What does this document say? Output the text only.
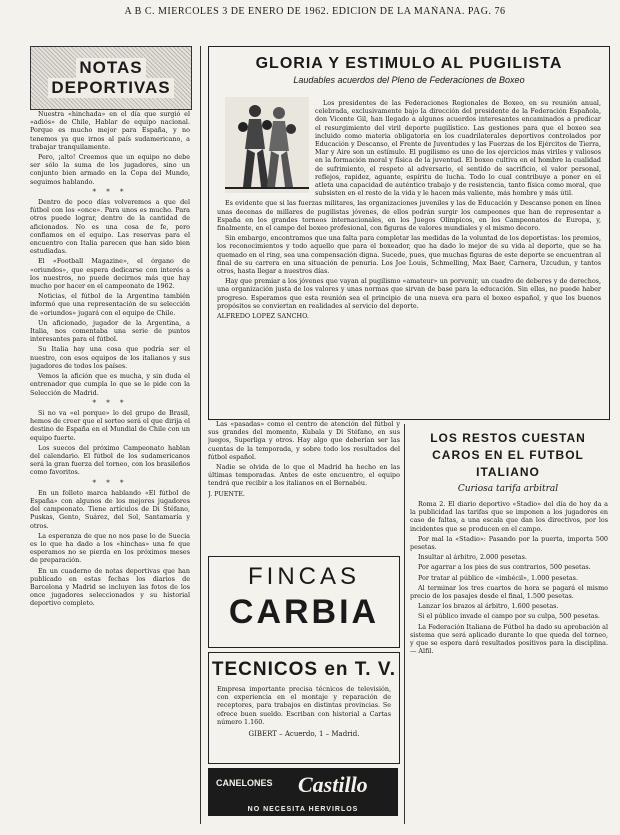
A B C. MIERCOLES 3 DE ENERO DE 1962. EDICION DE LA MAÑANA. PAG. 76
NOTAS
DEPORTIVAS

Nuestra «hinchada» en el día que surgió el «adiós» de Chile, Hablar de equipo nacional. Porque es mucho mejor para España, y no tenemos ya que irnos al país sudamericano, a trabajar tranquilamente.

Pero, ¡alto! Creemos que un equipo no debe ser sólo la suma de los jugadores, sino un conjunto bien armado en la Copa del Mundo, seguimos hablando.

* * *

Dentro de poco días volveremos a que del fútbol con los «once». Para unos es mucho. Para otros puede lograr, dentro de la cantidad de aficionados. No es una cosa de fe, pero confiamos en el equipo. Las reservas para el encuentro con Italia parecen que han sido bien estudiadas.

El «Football Magazine», el órgano de «oriundos», que espera dedicarse con interés a los nuestros, no puede decirnos más que hay mucho por hacer en el campeonato de 1962.

Noticias, el fútbol de la Argentina también informó que una representación de su selección de «oriundos» jugará con el equipo de Chile.

Un aficionado, jugador de la Argentina, a Italia, nos comentaba una serie de puntos interesantes para el fútbol.

Su Italia hay una cosa que podría ser el nuestro, con esos equipos de los italianos y sus jugadores de todos los países.

Vemos la afición que es mucha, y sin duda el entrenador que cumpla lo que se le pide con la Selección de Madrid.

* * *

Si no va «el porque» lo del grupo de Brasil, hemos de creer que el sorteo será el que dirija el destino de España en el Mundial de Chile con un equipo fuerte.

Los suecos del próximo Campeonato hablan del calendario. El fútbol de los sudamericanos será la gran fuerza del torneo, con los brasileños como favoritos.

* * *

En un folleto marca hablando «El fútbol de España» con algunos de los mejores jugadores del campeonato. Tiene artículos de Di Stéfano, Puskas, Gento, Suárez, del Sol, Santamaría y otros.

La esperanza de que no nos pase lo de Suecia es lo que ha dado a los «hinchas» una fe que esperamos no se pierda en los próximos meses de preparación.

En un cuaderno de notas deportivas que han publicado en estas fechas los diarios de Barcelona y Madrid se incluyen las fotos de los once jugadores seleccionados y su historial deportivo completo.

GLORIA Y ESTIMULO AL PUGILISTA
Laudables acuerdos del Pleno de Federaciones de Boxeo

Los presidentes de las Federaciones Regionales de Boxeo, en su reunión anual, celebrada, exclusivamente bajo la dirección del presidente de la Federación Española, don Vicente Gil, han llegado a algunos acuerdos interesantes encaminados a predicar el resurgimiento del viril deporte pugilístico. Las gestiones para que el boxeo sea incluido como materia obligatoria en los cuadrilaterales deportivos controlados por Educación y Descanso, el Frente de Juventudes y las Fuerzas de los Ejércitos de Tierra, Mar y Aire son un estímulo. El pugilismo es uno de los ejercicios más viriles y valiosos en la formación moral y física de la juventud. El boxeo cultiva en el hombre la cualidad de sufrimiento, el respeto al adversario, el sentido de sacrificio, el valor personal, reflejos, rapidez, aguante, espíritu de lucha. Todo lo cual contribuye a poner en el atleta una capacidad de auténtico trabajo y de resistencia, tanto física como moral, que subsisten en el resto de la vida y le hacen más valiente, más hombre y más útil.

Es evidente que si las fuerzas militares, las organizaciones juveniles y las de Educación y Descanso ponen en línea unas decenas de millares de pugilistas jóvenes, de ellos podrán surgir los campeones que han de representar a España en los grandes torneos internacionales, en los Juegos Olímpicos, en los Campeonatos de Europa, y, finalmente, en el campo del boxeo profesional, con figuras de valores mundiales y el mismo decoro.

Sin embargo, encontramos que una falta para completar las medidas de la voluntad de los deportistas: los premios, los reconocimientos y todo aquello que para el boxeador, que ha dado lo mejor de su vida al deporte, que se ha quemado en el ring, sea una compensación digna. Sucede, pues, que muchas figuras de este deporte se encuentran al final de su carrera en una situación de penuria. Los Joe Louis, Schmelling, Max Baer, Carnera, Uzcudun, y tantos otros, hasta llegar a nuestros días.

Hay que premiar a los jóvenes que vayan al pugilismo «amateur» un porvenir, un cuadro de deberes y de derechos, una organización justa de los valores y unas normas que sirvan de base para la educación. Sin ellas, no puede haber progreso. Esperamos que esta reunión sea el principio de una nueva era para el boxeo español, y que los buenos propósitos se conviertan en realidades al servicio del deporte.

ALFREDO LOPEZ SANCHO.

Las «pasadas» como el centro de atención del fútbol y sus grandes del momento, Kubala y Di Stéfano, en sus juegos, Superliga y otros. Hay algo que deberían ser las cuentas de la temporada, y sobre todo los resultados del fútbol español.

Nadie se olvida de lo que el Madrid ha hecho en las últimas temporadas. Antes de este encuentro, el equipo tendrá que recibir a los italianos en el Bernabéu.

J. PUENTE.
FINCAS
CARBIA
TECNICOS en T. V.
Empresa importante precisa técnicos de televisión, con experiencia en el montaje y reparación de receptores, para trabajos en distintas provincias. Se ofrece buen sueldo. Escriban con historial a Cartas número 1.160.
GIBERT – Acuerdo, 1 – Madrid.
CANELONES Castillo
NO NECESITA HERVIRLOS
LOS RESTOS CUESTAN
CAROS EN EL FUTBOL
ITALIANO
Curiosa tarifa arbitral

Roma 2. El diario deportivo «Stadio» del día de hoy da a la publicidad las tarifas que se imponen a los jugadores en caso de faltas, a una escala que dan los directivos, por los incidentes que se producen en el campo.

Por mal la «Stadio»: Pasando por la puerta, importa 500 pesetas.

Insultar al árbitro, 2.000 pesetas.

Por agarrar a los pies de sus contrarios, 500 pesetas.

Por tratar al público de «imbécil», 1.000 pesetas.

Al terminar los tres cuartos de hora se pagará el mismo precio de los pasajes desde el final, 1.500 pesetas.

Lanzar los brazos al árbitro, 1.600 pesetas.

Si el público invade el campo por su culpa, 500 pesetas.

La Federación Italiana de Fútbol ha dado su aprobación al sistema que será aplicado durante lo que queda del torneo, y que se espera dará resultados positivos para la disciplina. — Alfil.
